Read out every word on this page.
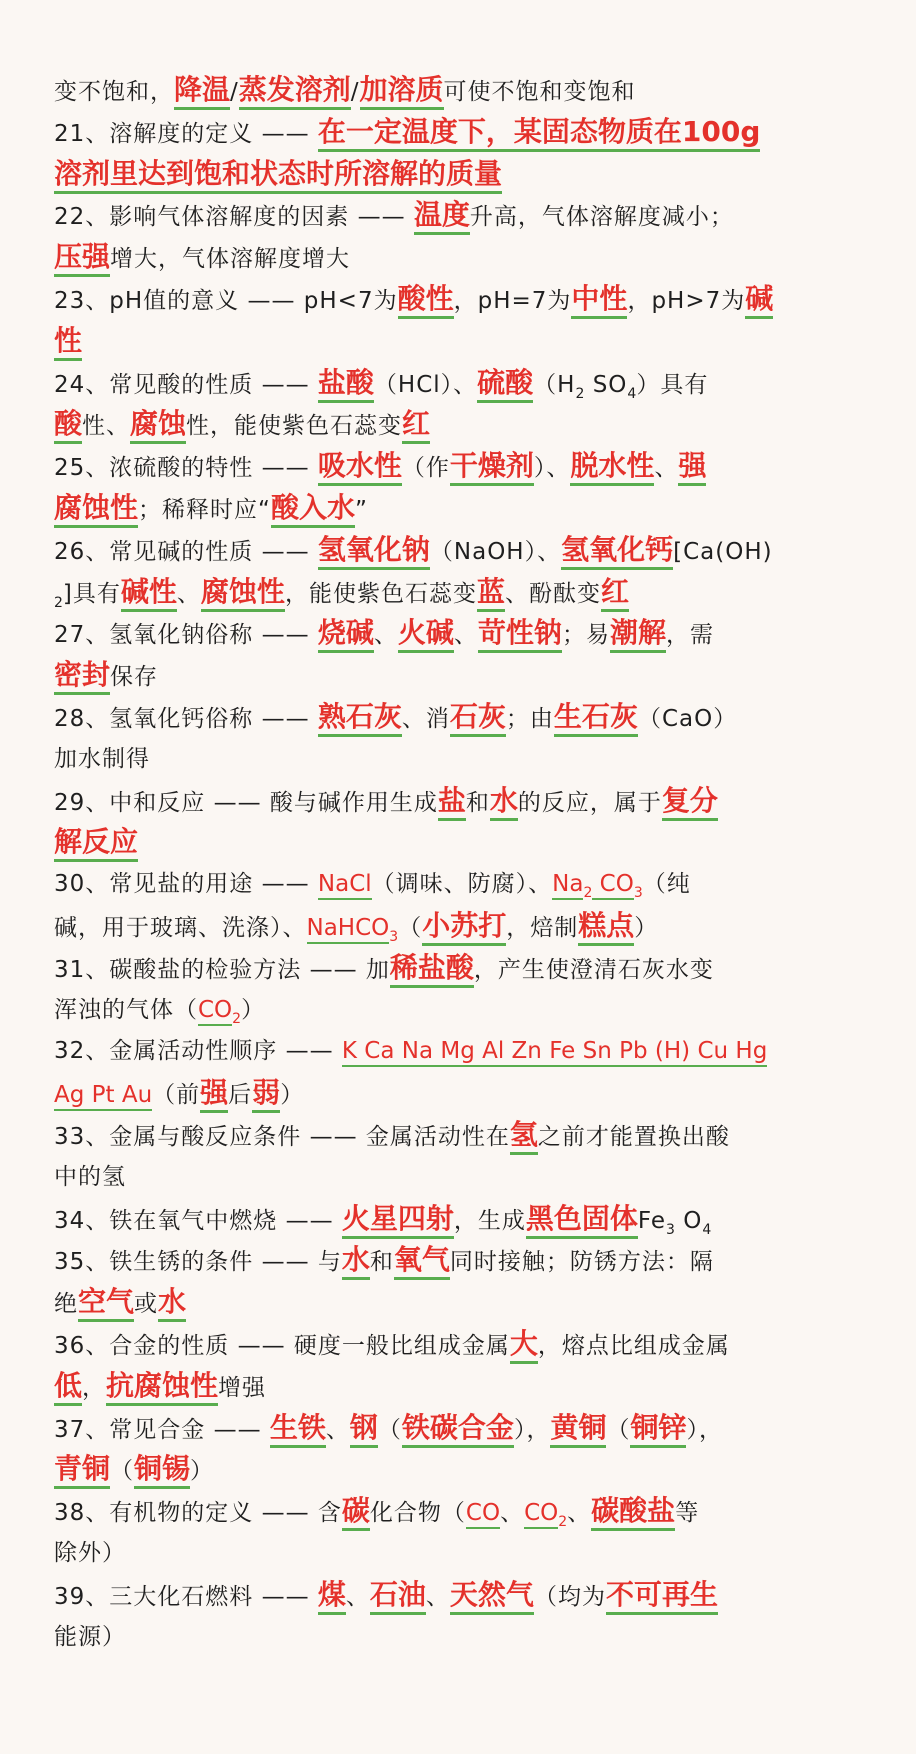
变不饱和，降温/蒸发溶剂/加溶质可使不饱和变饱和
21、溶解度的定义 —— 在一定温度下，某固态物质在100g
溶剂里达到饱和状态时所溶解的质量
22、影响气体溶解度的因素 —— 温度升高，气体溶解度减小；
压强增大，气体溶解度增大
23、pH值的意义 —— pH<7为酸性，pH=7为中性，pH>7为碱
性
24、常见酸的性质 —— 盐酸（HCl）、硫酸（H2 SO4）具有
酸性、腐蚀性，能使紫色石蕊变红
25、浓硫酸的特性 —— 吸水性（作干燥剂）、脱水性、强
腐蚀性；稀释时应“酸入水”
26、常见碱的性质 —— 氢氧化钠（NaOH）、氢氧化钙[Ca(OH)
2]具有碱性、腐蚀性，能使紫色石蕊变蓝、酚酞变红
27、氢氧化钠俗称 —— 烧碱、火碱、苛性钠；易潮解，需
密封保存
28、氢氧化钙俗称 —— 熟石灰、消石灰；由生石灰（CaO）
加水制得
29、中和反应 —— 酸与碱作用生成盐和水的反应，属于复分
解反应
30、常见盐的用途 —— NaCl（调味、防腐）、Na2 CO3（纯
碱，用于玻璃、洗涤）、NaHCO3（小苏打，焙制糕点）
31、碳酸盐的检验方法 —— 加稀盐酸，产生使澄清石灰水变
浑浊的气体（CO2）
32、金属活动性顺序 —— K Ca Na Mg Al Zn Fe Sn Pb (H) Cu Hg
Ag Pt Au（前强后弱）
33、金属与酸反应条件 —— 金属活动性在氢之前才能置换出酸
中的氢
34、铁在氧气中燃烧 —— 火星四射，生成黑色固体Fe3 O4
35、铁生锈的条件 —— 与水和氧气同时接触；防锈方法：隔
绝空气或水
36、合金的性质 —— 硬度一般比组成金属大，熔点比组成金属
低，抗腐蚀性增强
37、常见合金 —— 生铁、钢（铁碳合金），黄铜（铜锌），
青铜（铜锡）
38、有机物的定义 —— 含碳化合物（CO、CO2、碳酸盐等
除外）
39、三大化石燃料 —— 煤、石油、天然气（均为不可再生
能源）
